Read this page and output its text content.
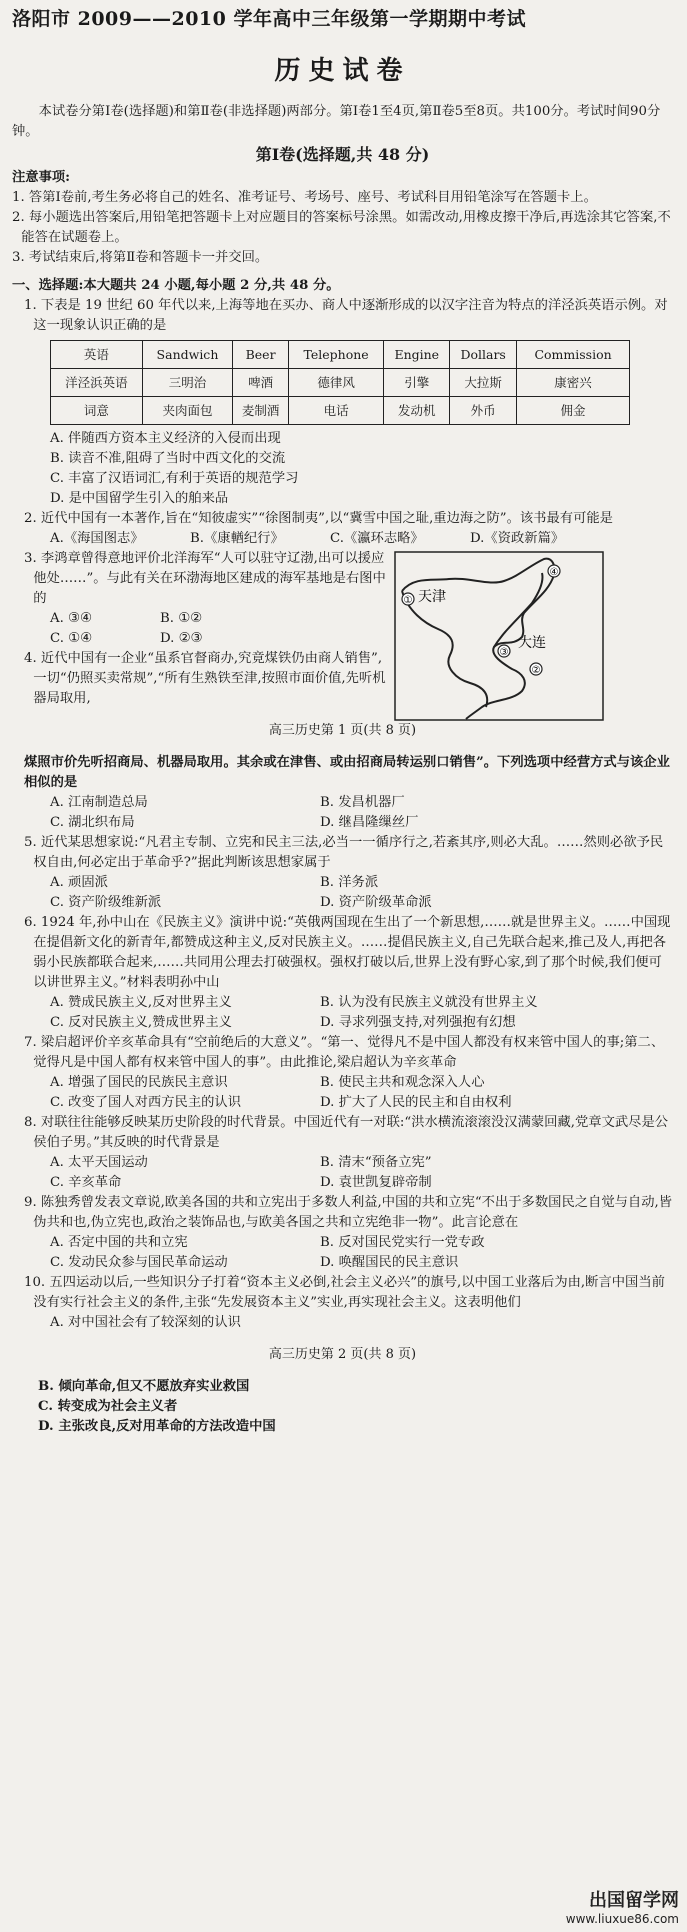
洛阳市 2009——2010 学年高中三年级第一学期期中考试
历史试卷
本试卷分第Ⅰ卷(选择题)和第Ⅱ卷(非选择题)两部分。第Ⅰ卷1至4页,第Ⅱ卷5至8页。共100分。考试时间90分钟。
第Ⅰ卷(选择题,共 48 分)
注意事项:
1. 答第Ⅰ卷前,考生务必将自己的姓名、准考证号、考场号、座号、考试科目用铅笔涂写在答题卡上。
2. 每小题选出答案后,用铅笔把答题卡上对应题目的答案标号涂黑。如需改动,用橡皮擦干净后,再选涂其它答案,不能答在试题卷上。
3. 考试结束后,将第Ⅱ卷和答题卡一并交回。
一、选择题:本大题共 24 小题,每小题 2 分,共 48 分。
1. 下表是 19 世纪 60 年代以来,上海等地在买办、商人中逐渐形成的以汉字注音为特点的洋泾浜英语示例。对这一现象认识正确的是
英语	Sandwich	Beer	Telephone	Engine	Dollars	Commission
洋泾浜英语	三明治	啤酒	德律风	引擎	大拉斯	康密兴
词意	夹肉面包	麦制酒	电话	发动机	外币	佣金
A. 伴随西方资本主义经济的入侵而出现
B. 读音不准,阻碍了当时中西文化的交流
C. 丰富了汉语词汇,有利于英语的规范学习
D. 是中国留学生引入的舶来品
2. 近代中国有一本著作,旨在“知彼虚实”“徐图制夷”,以“冀雪中国之耻,重边海之防”。该书最有可能是
A.《海国图志》	B.《康輶纪行》	C.《瀛环志略》	D.《资政新篇》
3. 李鸿章曾得意地评价北洋海军“人可以驻守辽渤,出可以援应他处……”。与此有关在环渤海地区建成的海军基地是右图中的
A. ③④	B. ①②
C. ①④	D. ②③
4. 近代中国有一企业“虽系官督商办,究竟煤铁仍由商人销售”,一切“仍照买卖常规”,“所有生熟铁至津,按照市面价值,先听机器局取用,
① 天津
④
③
大连
②
高三历史第 1 页(共 8 页)
煤照市价先听招商局、机器局取用。其余或在津售、或由招商局转运别口销售”。下列选项中经营方式与该企业相似的是
A. 江南制造总局	B. 发昌机器厂
C. 湖北织布局	D. 继昌隆缫丝厂
5. 近代某思想家说:“凡君主专制、立宪和民主三法,必当一一循序行之,若紊其序,则必大乱。……然则必欲予民权自由,何必定出于革命乎?”据此判断该思想家属于
A. 顽固派	B. 洋务派
C. 资产阶级维新派	D. 资产阶级革命派
6. 1924 年,孙中山在《民族主义》演讲中说:“英俄两国现在生出了一个新思想,……就是世界主义。……中国现在提倡新文化的新青年,都赞成这种主义,反对民族主义。……提倡民族主义,自己先联合起来,推己及人,再把各弱小民族都联合起来,……共同用公理去打破强权。强权打破以后,世界上没有野心家,到了那个时候,我们便可以讲世界主义。”材料表明孙中山
A. 赞成民族主义,反对世界主义	B. 认为没有民族主义就没有世界主义
C. 反对民族主义,赞成世界主义	D. 寻求列强支持,对列强抱有幻想
7. 梁启超评价辛亥革命具有“空前绝后的大意义”。“第一、觉得凡不是中国人都没有权来管中国人的事;第二、觉得凡是中国人都有权来管中国人的事”。由此推论,梁启超认为辛亥革命
A. 增强了国民的民族民主意识	B. 使民主共和观念深入人心
C. 改变了国人对西方民主的认识	D. 扩大了人民的民主和自由权利
8. 对联往往能够反映某历史阶段的时代背景。中国近代有一对联:“洪水横流滚滚没汉满蒙回藏,党章文武尽是公侯伯子男。”其反映的时代背景是
A. 太平天国运动	B. 清末“预备立宪”
C. 辛亥革命	D. 袁世凯复辟帝制
9. 陈独秀曾发表文章说,欧美各国的共和立宪出于多数人利益,中国的共和立宪“不出于多数国民之自觉与自动,皆伪共和也,伪立宪也,政治之装饰品也,与欧美各国之共和立宪绝非一物”。此言论意在
A. 否定中国的共和立宪	B. 反对国民党实行一党专政
C. 发动民众参与国民革命运动	D. 唤醒国民的民主意识
10. 五四运动以后,一些知识分子打着“资本主义必倒,社会主义必兴”的旗号,以中国工业落后为由,断言中国当前没有实行社会主义的条件,主张“先发展资本主义”实业,再实现社会主义。这表明他们
A. 对中国社会有了较深刻的认识
高三历史第 2 页(共 8 页)
B. 倾向革命,但又不愿放弃实业救国
C. 转变成为社会主义者
D. 主张改良,反对用革命的方法改造中国
出国留学网
www.liuxue86.com
